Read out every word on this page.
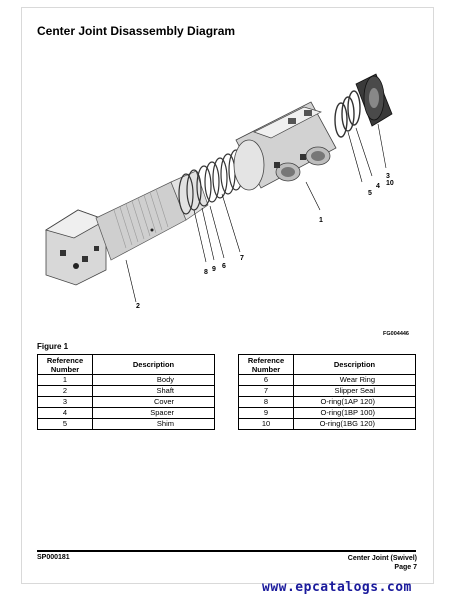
Center Joint Disassembly Diagram
1
2
3
4
5
6
7
8 9
10
FG004446
Figure 1
Reference Number	Description
1	Body
2	Shaft
3	Cover
4	Spacer
5	Shim
Reference Number	Description
6	Wear Ring
7	Slipper Seal
8	O-ring(1AP 120)
9	O-ring(1BP 100)
10	O-ring(1BG 120)
SP000181	Center Joint (Swivel)
Page 7
www.epcatalogs.com
